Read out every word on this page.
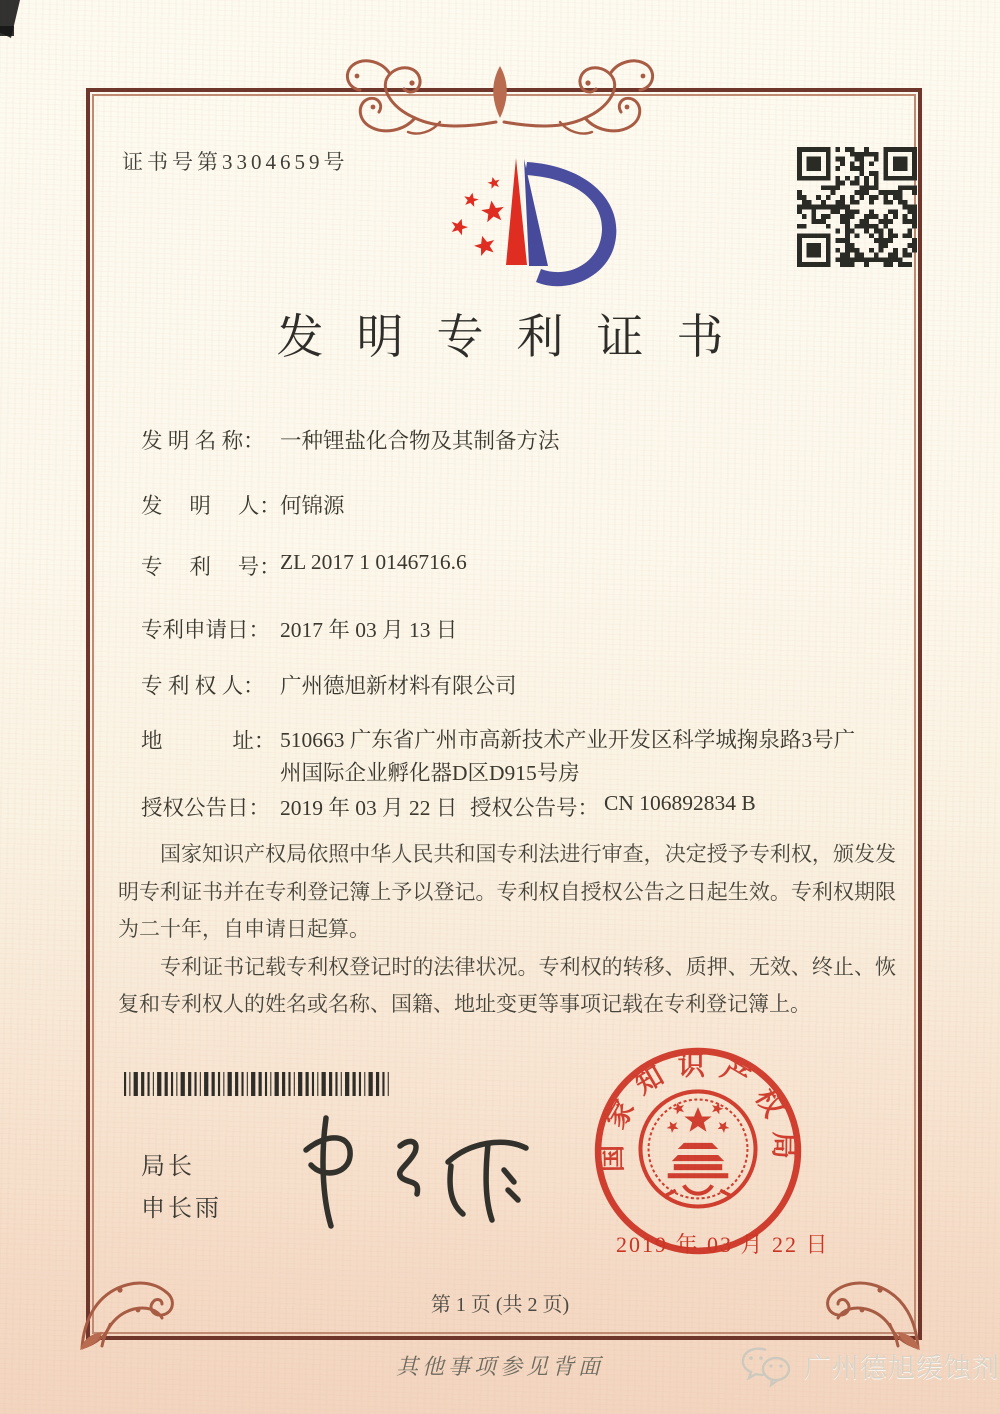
证书号第3304659号
发明专利证书
发 明 名 称： 一种锂盐化合物及其制备方法
发　 明　 人： 何锦源
专　 利　 号： ZL 2017 1 0146716.6
专利申请日： 2017 年 03 月 13 日
专 利 权 人： 广州德旭新材料有限公司
地　　　 址： 510663 广东省广州市高新技术产业开发区科学城掬泉路3号广州国际企业孵化器D区D915号房
授权公告日： 2019 年 03 月 22 日 授权公告号： CN 106892834 B

国家知识产权局依照中华人民共和国专利法进行审查，决定授予专利权，颁发发明专利证书并在专利登记簿上予以登记。专利权自授权公告之日起生效。专利权期限为二十年，自申请日起算。

专利证书记载专利权登记时的法律状况。专利权的转移、质押、无效、终止、恢复和专利权人的姓名或名称、国籍、地址变更等事项记载在专利登记簿上。

局长
申长雨
国家知识产权局
2019 年 03 月 22 日
第 1 页 (共 2 页)
其他事项参见背面	广州德旭缓蚀剂
